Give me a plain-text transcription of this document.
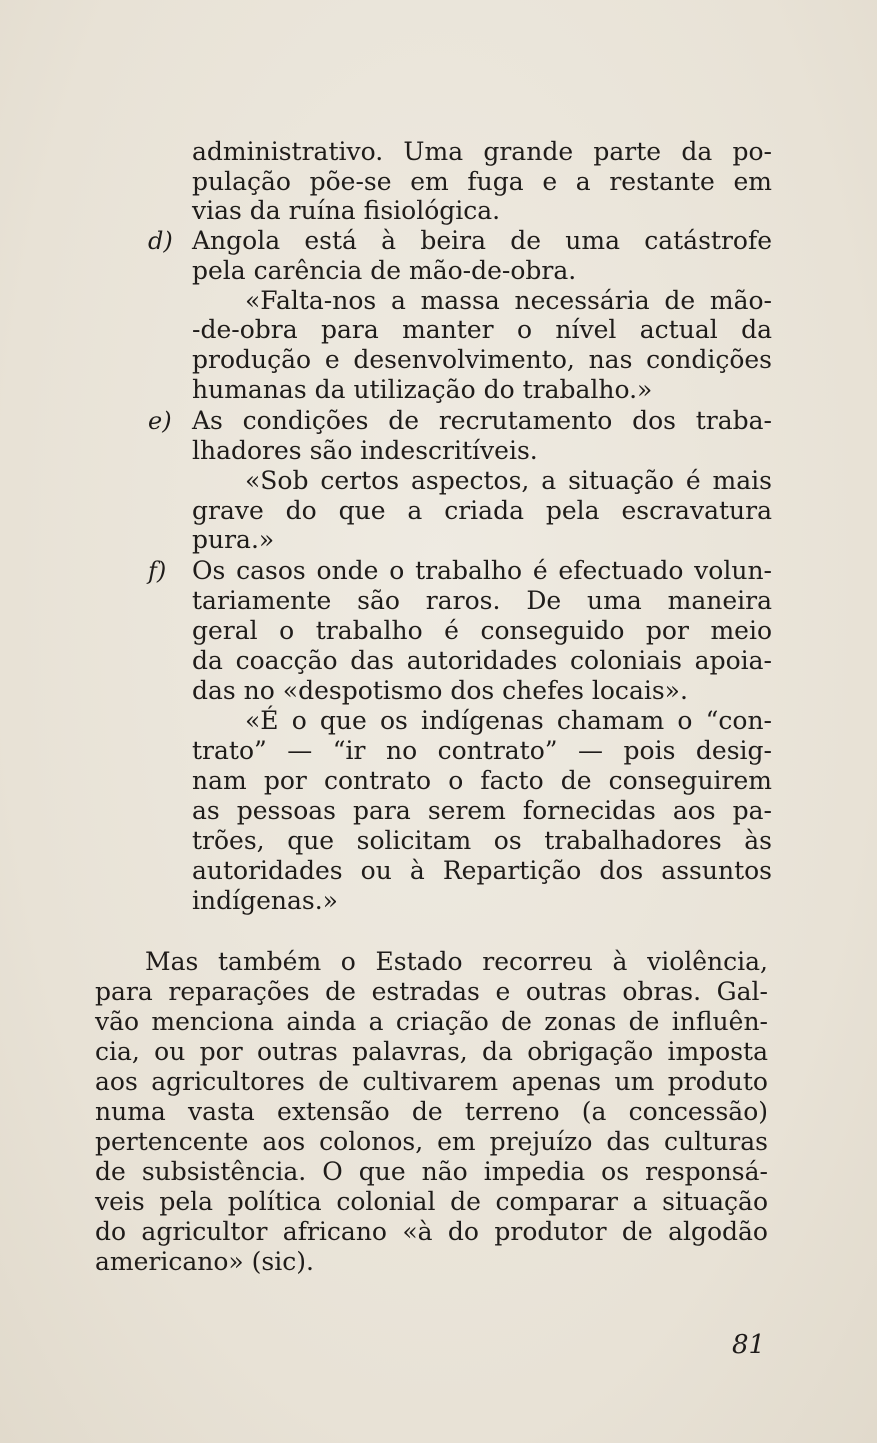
administrativo. Uma grande parte da po-
pulação põe-se em fuga e a restante em
vias da ruína fisiológica.
d) Angola está à beira de uma catástrofe
pela carência de mão-de-obra.
«Falta-nos a massa necessária de mão-
-de-obra para manter o nível actual da
produção e desenvolvimento, nas condições
humanas da utilização do trabalho.»
e) As condições de recrutamento dos traba-
lhadores são indescritíveis.
«Sob certos aspectos, a situação é mais
grave do que a criada pela escravatura
pura.»
f) Os casos onde o trabalho é efectuado volun-
tariamente são raros. De uma maneira
geral o trabalho é conseguido por meio
da coacção das autoridades coloniais apoia-
das no «despotismo dos chefes locais».
«É o que os indígenas chamam o “con-
trato” — “ir no contrato” — pois desig-
nam por contrato o facto de conseguirem
as pessoas para serem fornecidas aos pa-
trões, que solicitam os trabalhadores às
autoridades ou à Repartição dos assuntos
indígenas.»
Mas também o Estado recorreu à violência,
para reparações de estradas e outras obras. Gal-
vão menciona ainda a criação de zonas de influên-
cia, ou por outras palavras, da obrigação imposta
aos agricultores de cultivarem apenas um produto
numa vasta extensão de terreno (a concessão)
pertencente aos colonos, em prejuízo das culturas
de subsistência. O que não impedia os responsá-
veis pela política colonial de comparar a situação
do agricultor africano «à do produtor de algodão
americano» (sic).
81
